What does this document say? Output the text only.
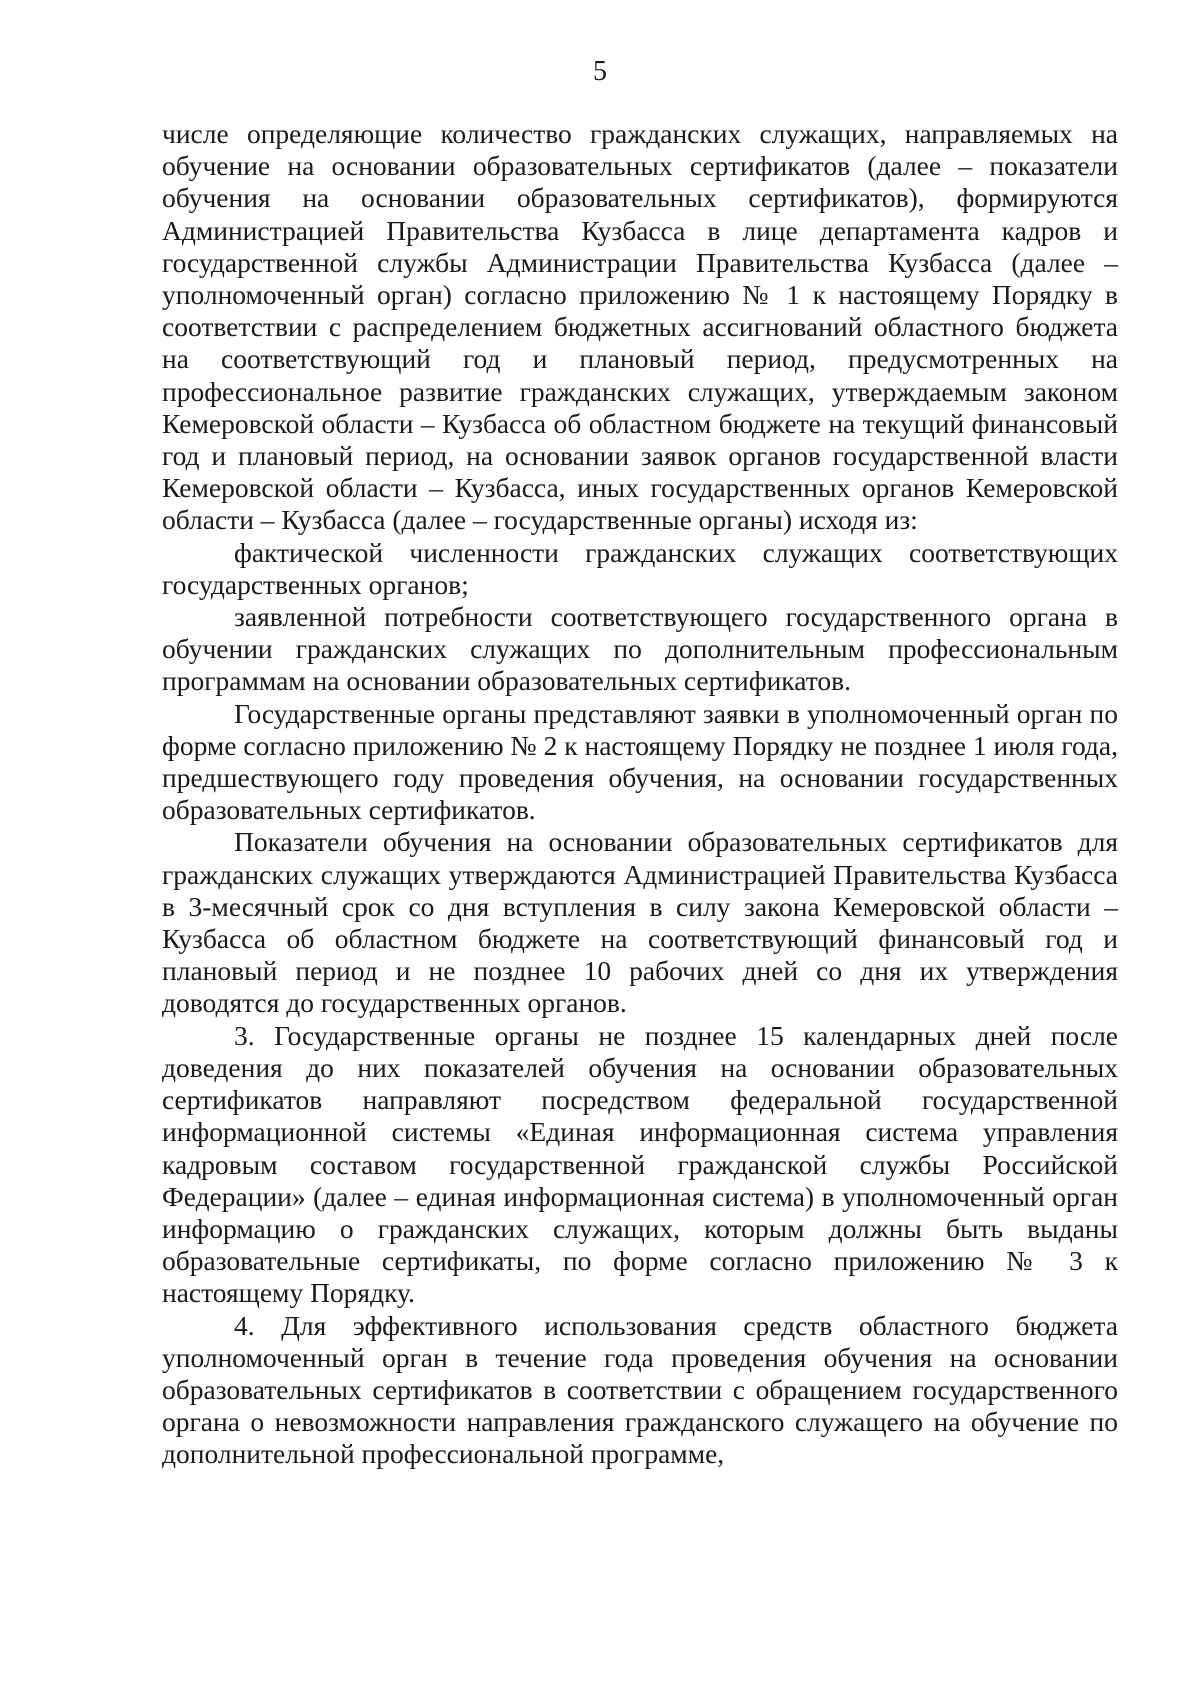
5

числе определяющие количество гражданских служащих, направляемых на обучение на основании образовательных сертификатов (далее – показатели обучения на основании образовательных сертификатов), формируются Администрацией Правительства Кузбасса в лице департамента кадров и государственной службы Администрации Правительства Кузбасса (далее – уполномоченный орган) согласно приложению № 1 к настоящему Порядку в соответствии с распределением бюджетных ассигнований областного бюджета на соответствующий год и плановый период, предусмотренных на профессиональное развитие гражданских служащих, утверждаемым законом Кемеровской области – Кузбасса об областном бюджете на текущий финансовый год и плановый период, на основании заявок органов государственной власти Кемеровской области – Кузбасса, иных государственных органов Кемеровской области – Кузбасса (далее – государственные органы) исходя из:

фактической численности гражданских служащих соответствующих государственных органов;

заявленной потребности соответствующего государственного органа в обучении гражданских служащих по дополнительным профессиональным программам на основании образовательных сертификатов.

Государственные органы представляют заявки в уполномоченный орган по форме согласно приложению № 2 к настоящему Порядку не позднее 1 июля года, предшествующего году проведения обучения, на основании государственных образовательных сертификатов.

Показатели обучения на основании образовательных сертификатов для гражданских служащих утверждаются Администрацией Правительства Кузбасса в 3-месячный срок со дня вступления в силу закона Кемеровской области – Кузбасса об областном бюджете на соответствующий финансовый год и плановый период и не позднее 10 рабочих дней со дня их утверждения доводятся до государственных органов.

3. Государственные органы не позднее 15 календарных дней после доведения до них показателей обучения на основании образовательных сертификатов направляют посредством федеральной государственной информационной системы «Единая информационная система управления кадровым составом государственной гражданской службы Российской Федерации» (далее – единая информационная система) в уполномоченный орган информацию о гражданских служащих, которым должны быть выданы образовательные сертификаты, по форме согласно приложению № 3 к настоящему Порядку.

4. Для эффективного использования средств областного бюджета уполномоченный орган в течение года проведения обучения на основании образовательных сертификатов в соответствии с обращением государственного органа о невозможности направления гражданского служащего на обучение по дополнительной профессиональной программе,
